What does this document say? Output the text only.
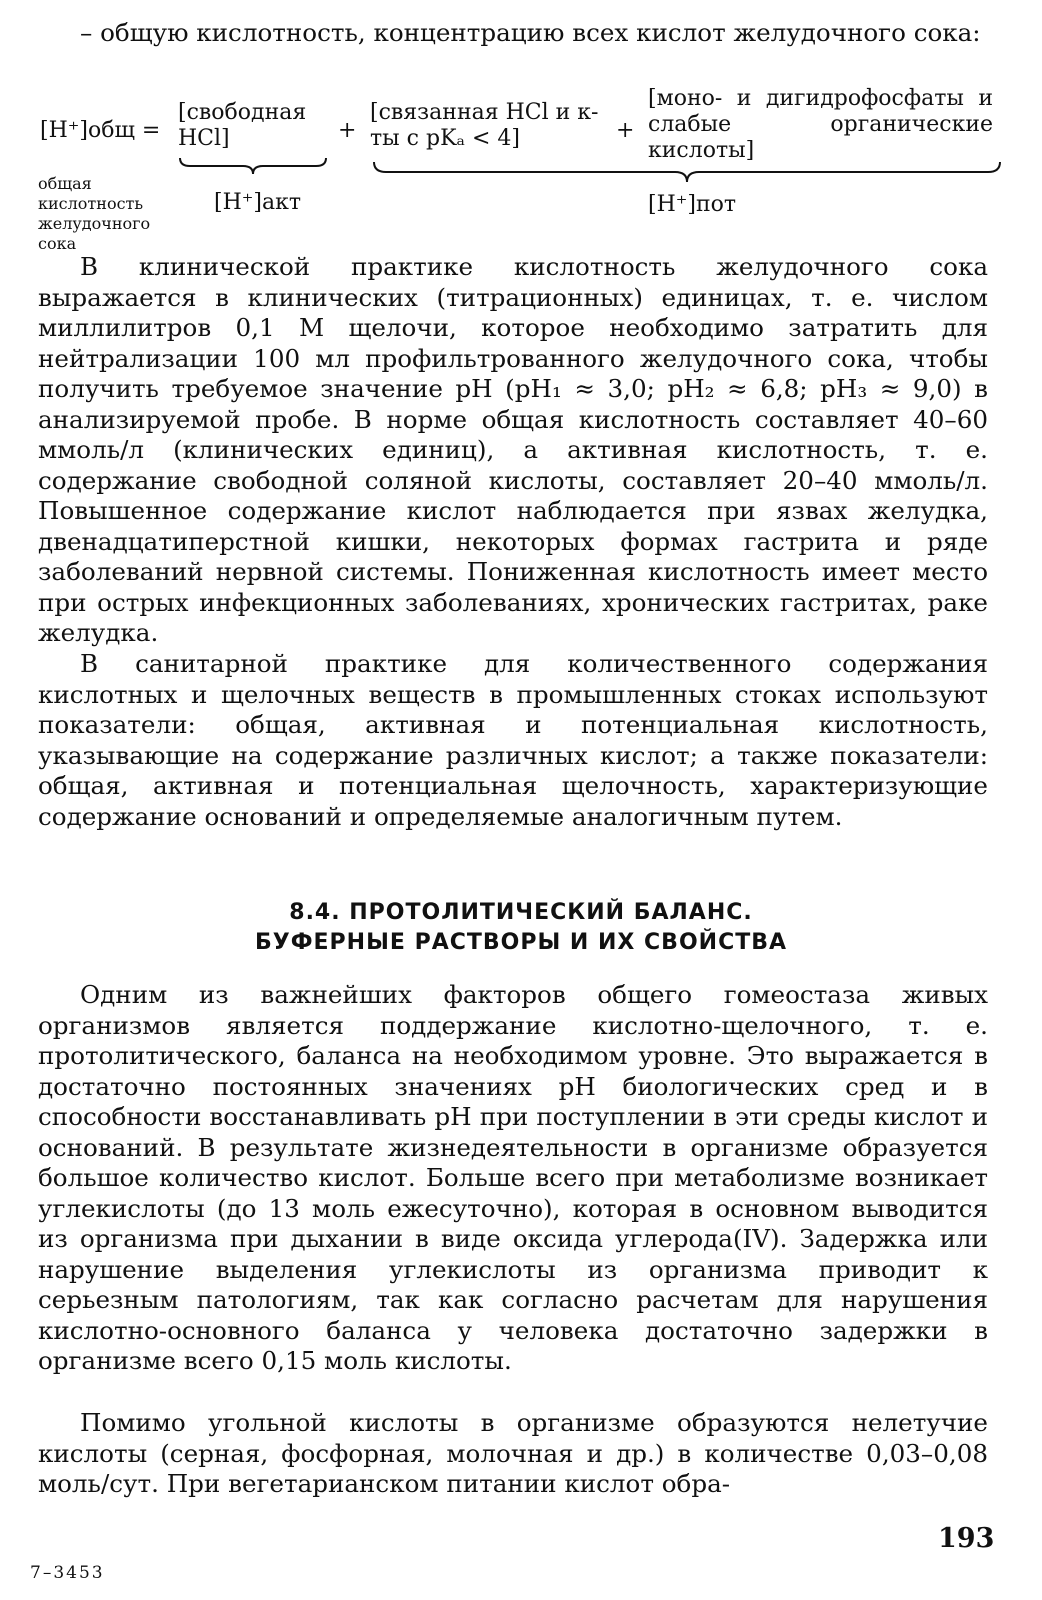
– общую кислотность, концентрацию всех кислот желудочного сока:

[H⁺]общ =
общая кислотность желудочного сока
[свободная HCl]
[H⁺]акт
+
[связанная HCl и к-ты с pKₐ < 4]	+
[моно- и дигидрофосфаты и слабые органические кислоты]
[H⁺]пот

В клинической практике кислотность желудочного сока выражается в клинических (титрационных) единицах, т. е. числом миллилитров 0,1 М щелочи, которое необходимо затратить для нейтрализации 100 мл профильтрованного желудочного сока, чтобы получить требуемое значение pH (pH₁ ≈ 3,0; pH₂ ≈ 6,8; pH₃ ≈ 9,0) в анализируемой пробе. В норме общая кислотность составляет 40–60 ммоль/л (клинических единиц), а активная кислотность, т. е. содержание свободной соляной кислоты, составляет 20–40 ммоль/л. Повышенное содержание кислот наблюдается при язвах желудка, двенадцатиперстной кишки, некоторых формах гастрита и ряде заболеваний нервной системы. Пониженная кислотность имеет место при острых инфекционных заболеваниях, хронических гастритах, раке желудка.

В санитарной практике для количественного содержания кислотных и щелочных веществ в промышленных стоках используют показатели: общая, активная и потенциальная кислотность, указывающие на содержание различных кислот; а также показатели: общая, активная и потенциальная щелочность, характеризующие содержание оснований и определяемые аналогичным путем.

8.4. ПРОТОЛИТИЧЕСКИЙ БАЛАНС.

БУФЕРНЫЕ РАСТВОРЫ И ИХ СВОЙСТВА

Одним из важнейших факторов общего гомеостаза живых организмов является поддержание кислотно-щелочного, т. е. протолитического, баланса на необходимом уровне. Это выражается в достаточно постоянных значениях pH биологических сред и в способности восстанавливать pH при поступлении в эти среды кислот и оснований. В результате жизнедеятельности в организме образуется большое количество кислот. Больше всего при метаболизме возникает углекислоты (до 13 моль ежесуточно), которая в основном выводится из организма при дыхании в виде оксида углерода(IV). Задержка или нарушение выделения углекислоты из организма приводит к серьезным патологиям, так как согласно расчетам для нарушения кислотно-основного баланса у человека достаточно задержки в организме всего 0,15 моль кислоты.

Помимо угольной кислоты в организме образуются нелетучие кислоты (серная, фосфорная, молочная и др.) в количестве 0,03–0,08 моль/сут. При вегетарианском питании кислот обра-

193
7–3453
